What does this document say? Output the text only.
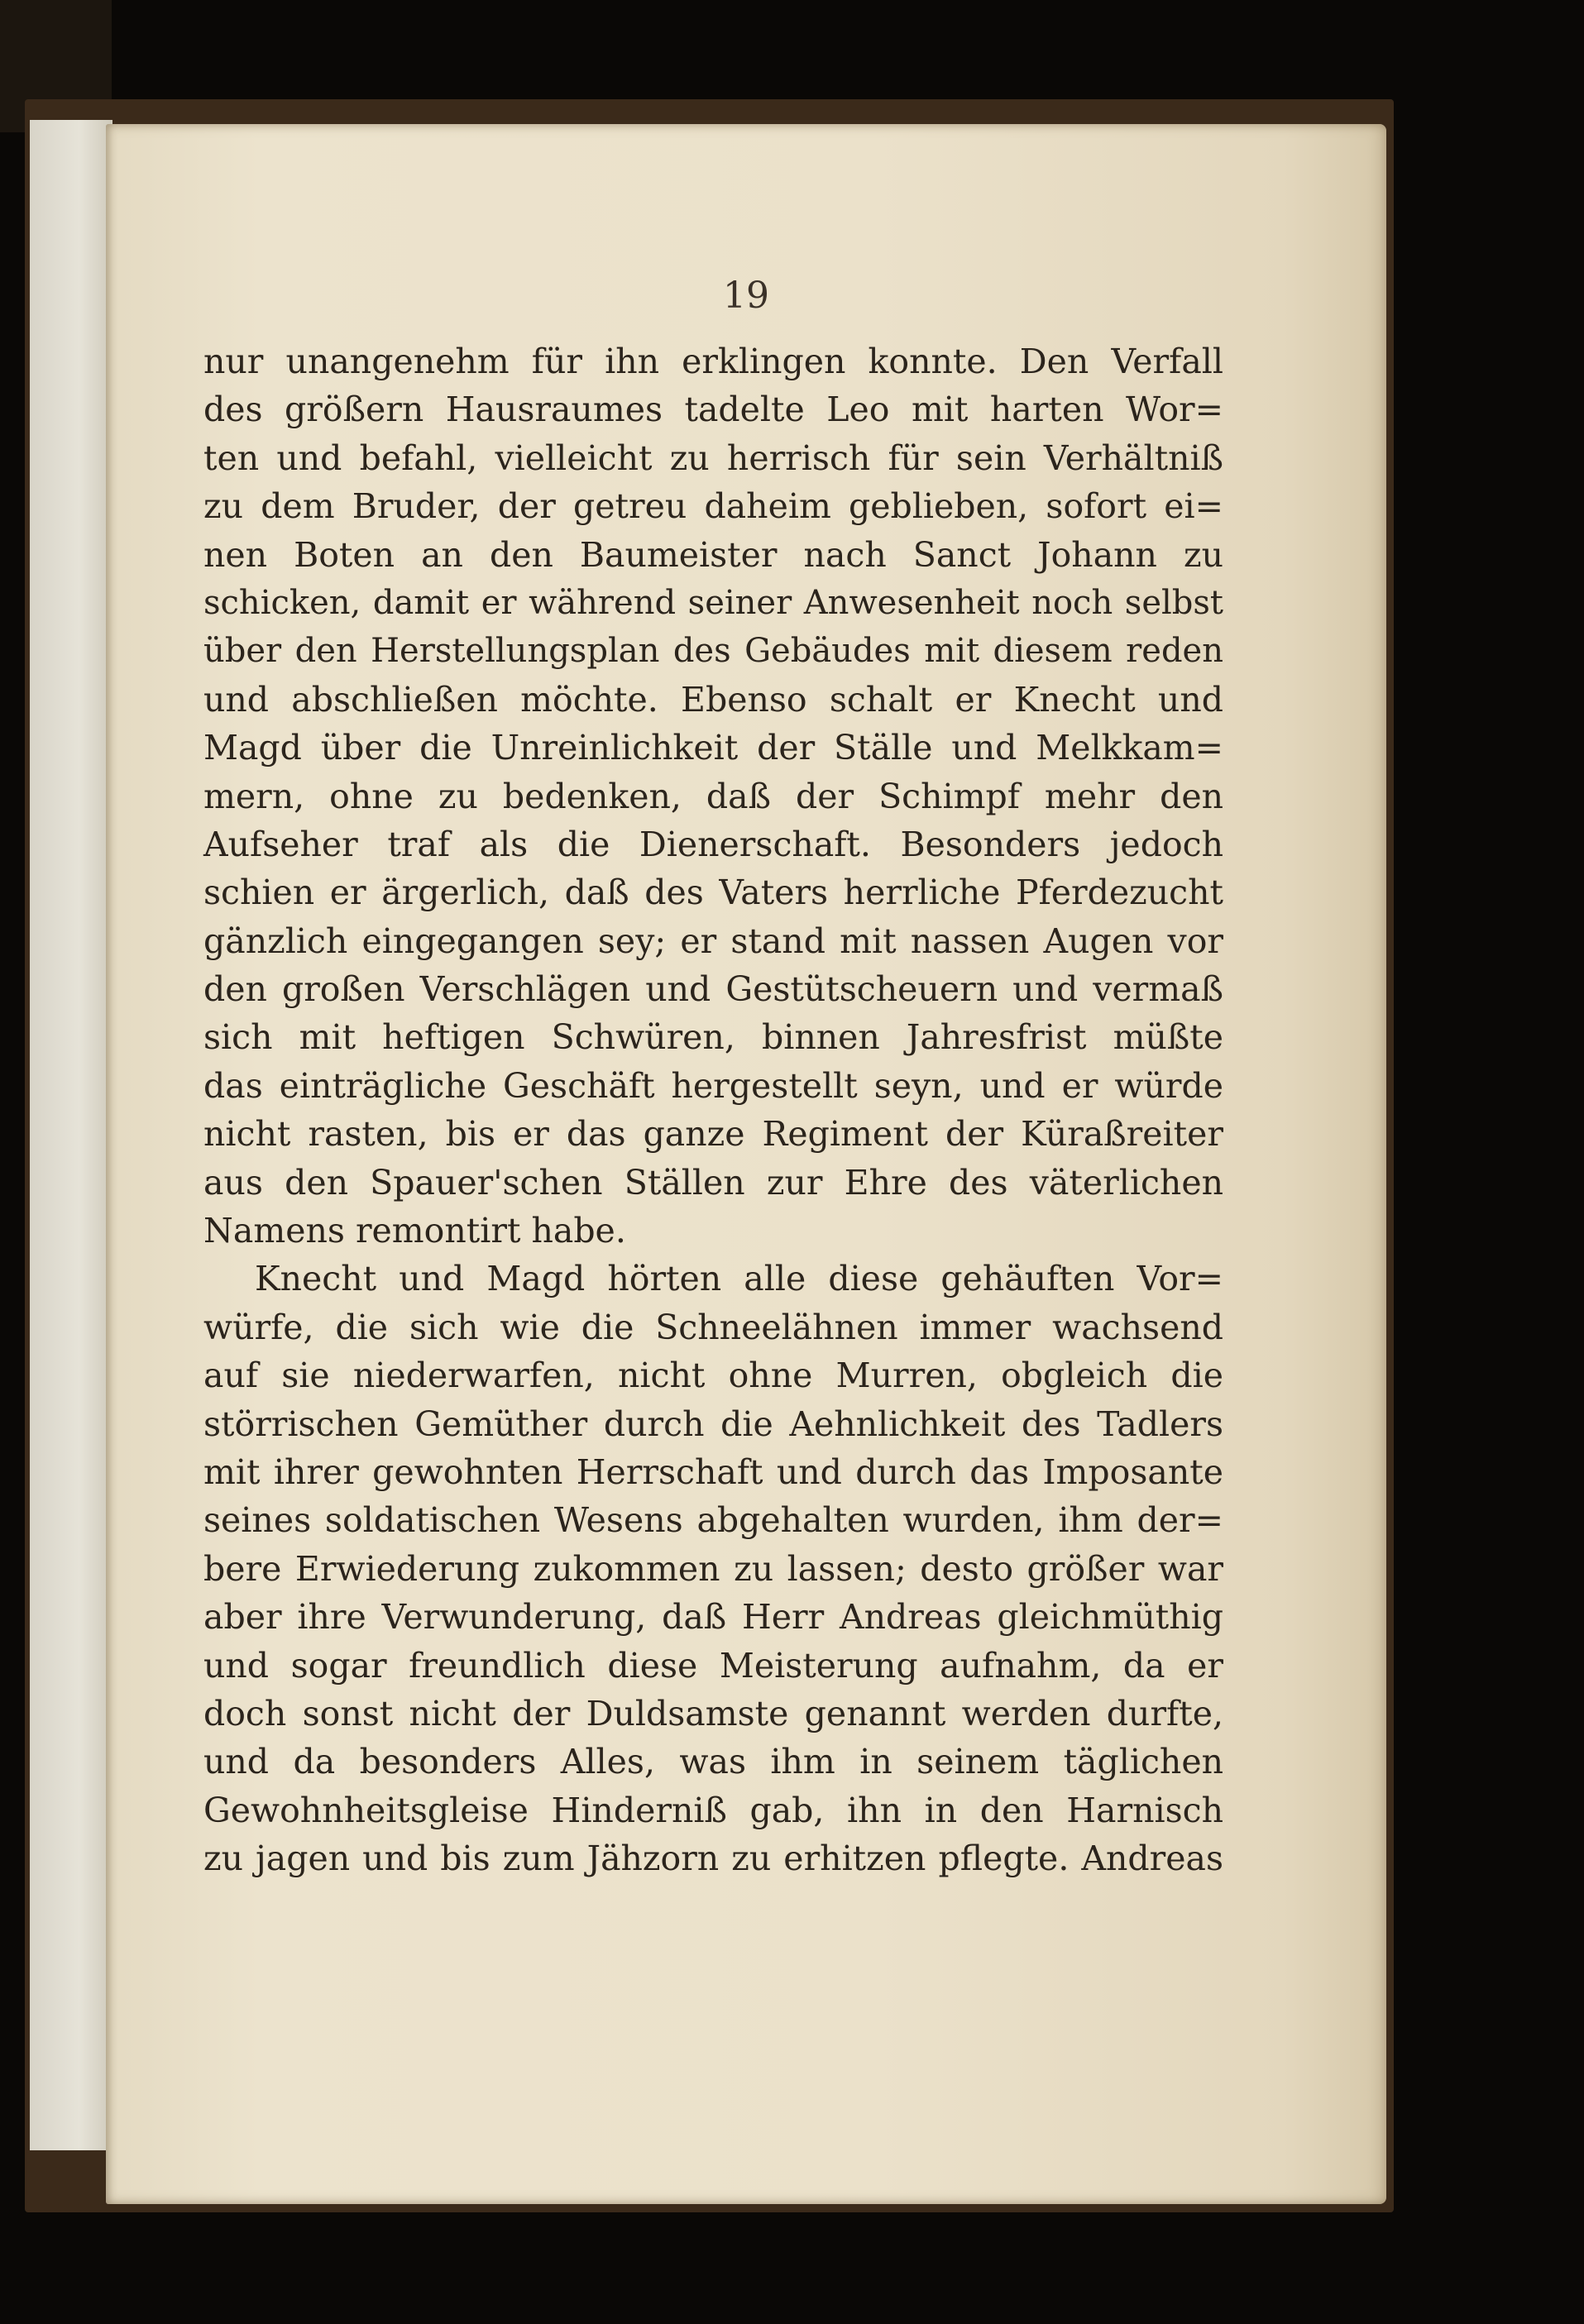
19
nur unangenehm für ihn erklingen konnte. Den Verfall
des größern Hausraumes tadelte Leo mit harten Wor=
ten und befahl, vielleicht zu herrisch für sein Verhältniß
zu dem Bruder, der getreu daheim geblieben, sofort ei=
nen Boten an den Baumeister nach Sanct Johann zu
schicken, damit er während seiner Anwesenheit noch selbst
über den Herstellungsplan des Gebäudes mit diesem reden
und abschließen möchte. Ebenso schalt er Knecht und
Magd über die Unreinlichkeit der Ställe und Melkkam=
mern, ohne zu bedenken, daß der Schimpf mehr den
Aufseher traf als die Dienerschaft. Besonders jedoch
schien er ärgerlich, daß des Vaters herrliche Pferdezucht
gänzlich eingegangen sey; er stand mit nassen Augen vor
den großen Verschlägen und Gestütscheuern und vermaß
sich mit heftigen Schwüren, binnen Jahresfrist müßte
das einträgliche Geschäft hergestellt seyn, und er würde
nicht rasten, bis er das ganze Regiment der Küraßreiter
aus den Spauer'schen Ställen zur Ehre des väterlichen
Namens remontirt habe.
Knecht und Magd hörten alle diese gehäuften Vor=
würfe, die sich wie die Schneelähnen immer wachsend
auf sie niederwarfen, nicht ohne Murren, obgleich die
störrischen Gemüther durch die Aehnlichkeit des Tadlers
mit ihrer gewohnten Herrschaft und durch das Imposante
seines soldatischen Wesens abgehalten wurden, ihm der=
bere Erwiederung zukommen zu lassen; desto größer war
aber ihre Verwunderung, daß Herr Andreas gleichmüthig
und sogar freundlich diese Meisterung aufnahm, da er
doch sonst nicht der Duldsamste genannt werden durfte,
und da besonders Alles, was ihm in seinem täglichen
Gewohnheitsgleise Hinderniß gab, ihn in den Harnisch
zu jagen und bis zum Jähzorn zu erhitzen pflegte. Andreas
